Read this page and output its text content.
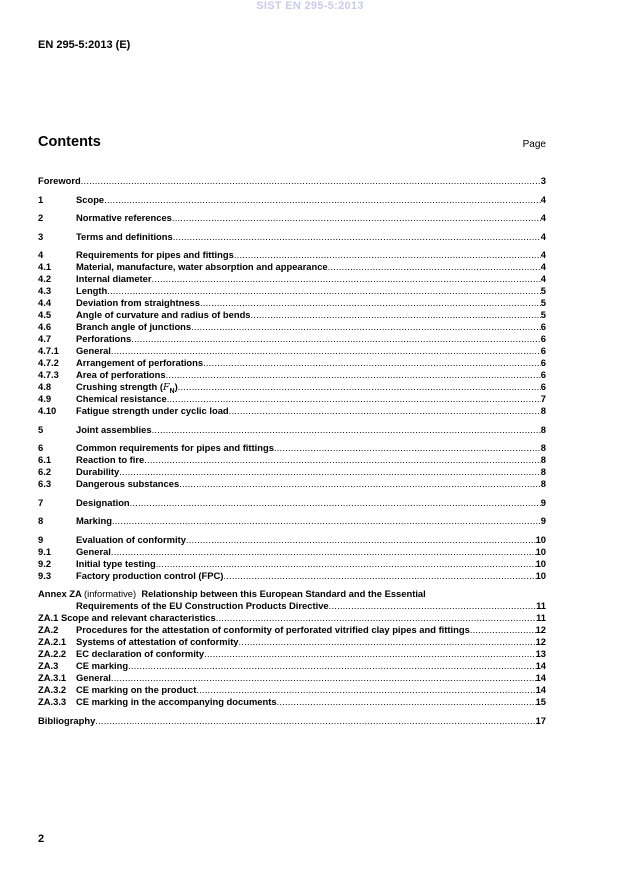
SIST EN 295-5:2013
EN 295-5:2013 (E)
Contents	Page
Foreword .....	3
1	Scope .....	4
2	Normative references .....	4
3	Terms and definitions .....	4
4	Requirements for pipes and fittings .....	4
4.1	Material, manufacture, water absorption and appearance .....	4
4.2	Internal diameter .....	4
4.3	Length .....	5
4.4	Deviation from straightness .....	5
4.5	Angle of curvature and radius of bends .....	5
4.6	Branch angle of junctions .....	6
4.7	Perforations .....	6
4.7.1	General .....	6
4.7.2	Arrangement of perforations .....	6
4.7.3	Area of perforations .....	6
4.8	Crushing strength $(F_N)$ .....	6
4.9	Chemical resistance .....	7
4.10	Fatigue strength under cyclic load .....	8
5	Joint assemblies .....	8
6	Common requirements for pipes and fittings .....	8
6.1	Reaction to fire .....	8
6.2	Durability .....	8
6.3	Dangerous substances .....	8
7	Designation .....	9
8	Marking .....	9
9	Evaluation of conformity .....	10
9.1	General .....	10
9.2	Initial type testing .....	10
9.3	Factory production control (FPC) .....	10
Annex ZA (informative) Relationship between this European Standard and the Essential
Requirements of the EU Construction Products Directive .....	11
ZA.1 Scope and relevant characteristics .....	11
ZA.2	Procedures for the attestation of conformity of perforated vitrified clay pipes and fittings .....	12
ZA.2.1	Systems of attestation of conformity .....	12
ZA.2.2	EC declaration of conformity .....	13
ZA.3	CE marking .....	14
ZA.3.1	General .....	14
ZA.3.2	CE marking on the product .....	14
ZA.3.3	CE marking in the accompanying documents .....	15
Bibliography .....	17
2
